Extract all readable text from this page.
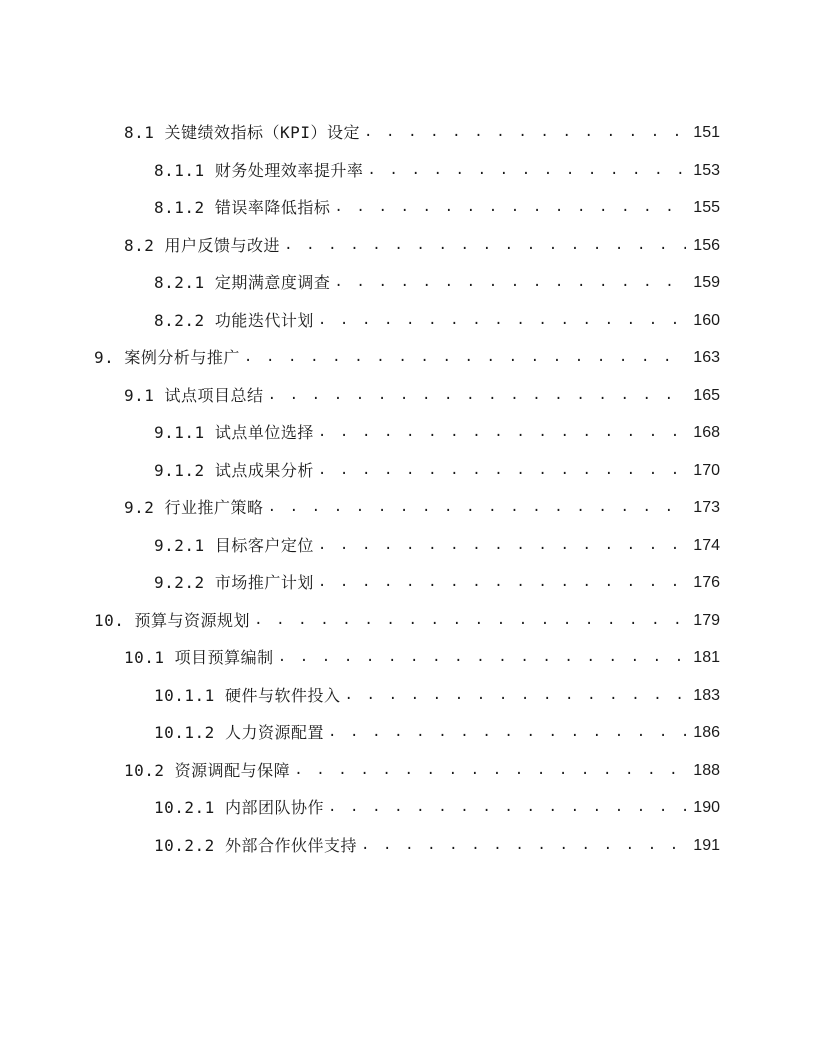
8.1 关键绩效指标（KPI）设定 . . .	151
8.1.1 财务处理效率提升率 . . .	153
8.1.2 错误率降低指标 . . .	155
8.2 用户反馈与改进 . . .	156
8.2.1 定期满意度调查 . . .	159
8.2.2 功能迭代计划 . . .	160
9. 案例分析与推广 . . .	163
9.1 试点项目总结 . . .	165
9.1.1 试点单位选择 . . .	168
9.1.2 试点成果分析 . . .	170
9.2 行业推广策略 . . .	173
9.2.1 目标客户定位 . . .	174
9.2.2 市场推广计划 . . .	176
10. 预算与资源规划 . . .	179
10.1 项目预算编制 . . .	181
10.1.1 硬件与软件投入 . . .	183
10.1.2 人力资源配置 . . .	186
10.2 资源调配与保障 . . .	188
10.2.1 内部团队协作 . . .	190
10.2.2 外部合作伙伴支持 . . .	191
